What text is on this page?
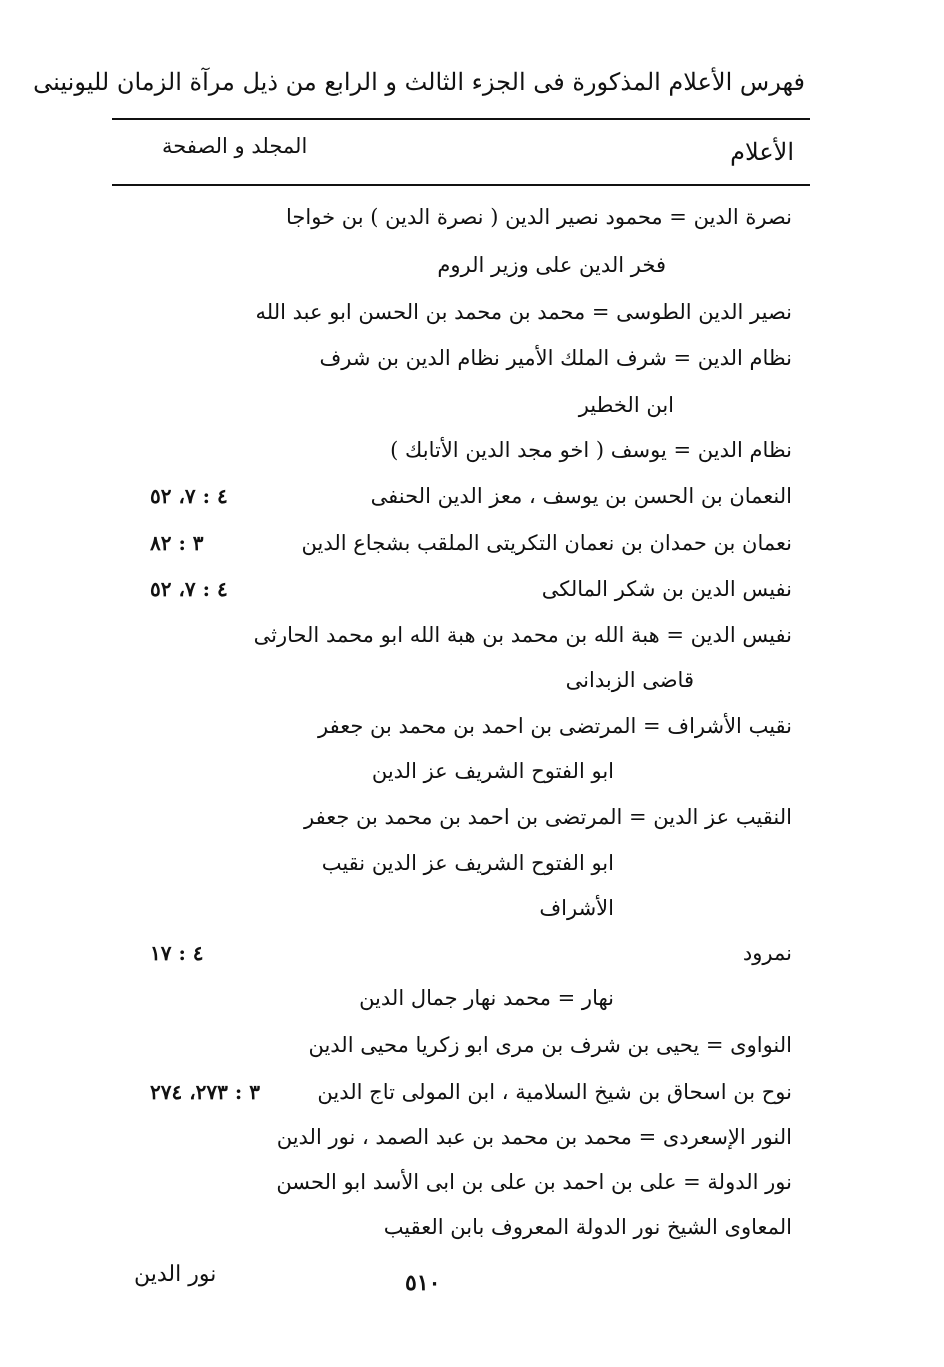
فهرس الأعلام المذكورة فى الجزء الثالث و الرابع من ذيل مرآة الزمان لليونينى
الأعلام
المجلد و الصفحة
نصرة الدين = محمود نصير الدين ( نصرة الدين ) بن خواجا
فخر الدين على وزير الروم
نصير الدين الطوسى = محمد بن محمد بن الحسن ابو عبد الله
نظام الدين = شرف الملك الأمير نظام الدين بن شرف
ابن الخطير
نظام الدين = يوسف ( اخو مجد الدين الأتابك )
النعمان بن الحسن بن يوسف ، معز الدين الحنفى
٤ : ٧، ٥٢
نعمان بن حمدان بن نعمان التكريتى الملقب بشجاع الدين
٣ : ٨٢
نفيس الدين بن شكر المالكى
٤ : ٧، ٥٢
نفيس الدين = هبة الله بن محمد بن هبة الله ابو محمد الحارثى
قاضى الزبدانى
نقيب الأشراف = المرتضى بن احمد بن محمد بن جعفر
ابو الفتوح الشريف عز الدين
النقيب عز الدين = المرتضى بن احمد بن محمد بن جعفر
ابو الفتوح الشريف عز الدين نقيب
الأشراف
نمرود
٤ : ١٧
نهار = محمد نهار جمال الدين
النواوى = يحيى بن شرف بن مرى ابو زكريا محيى الدين
نوح بن اسحاق بن شيخ السلامية ، ابن المولى تاج الدين
٣ : ٢٧٣، ٢٧٤
النور الإسعردى = محمد بن محمد بن عبد الصمد ، نور الدين
نور الدولة = على بن احمد بن على بن ابى الأسد ابو الحسن
المعاوى الشيخ نور الدولة المعروف بابن العقيب
نور الدين	٥١٠
